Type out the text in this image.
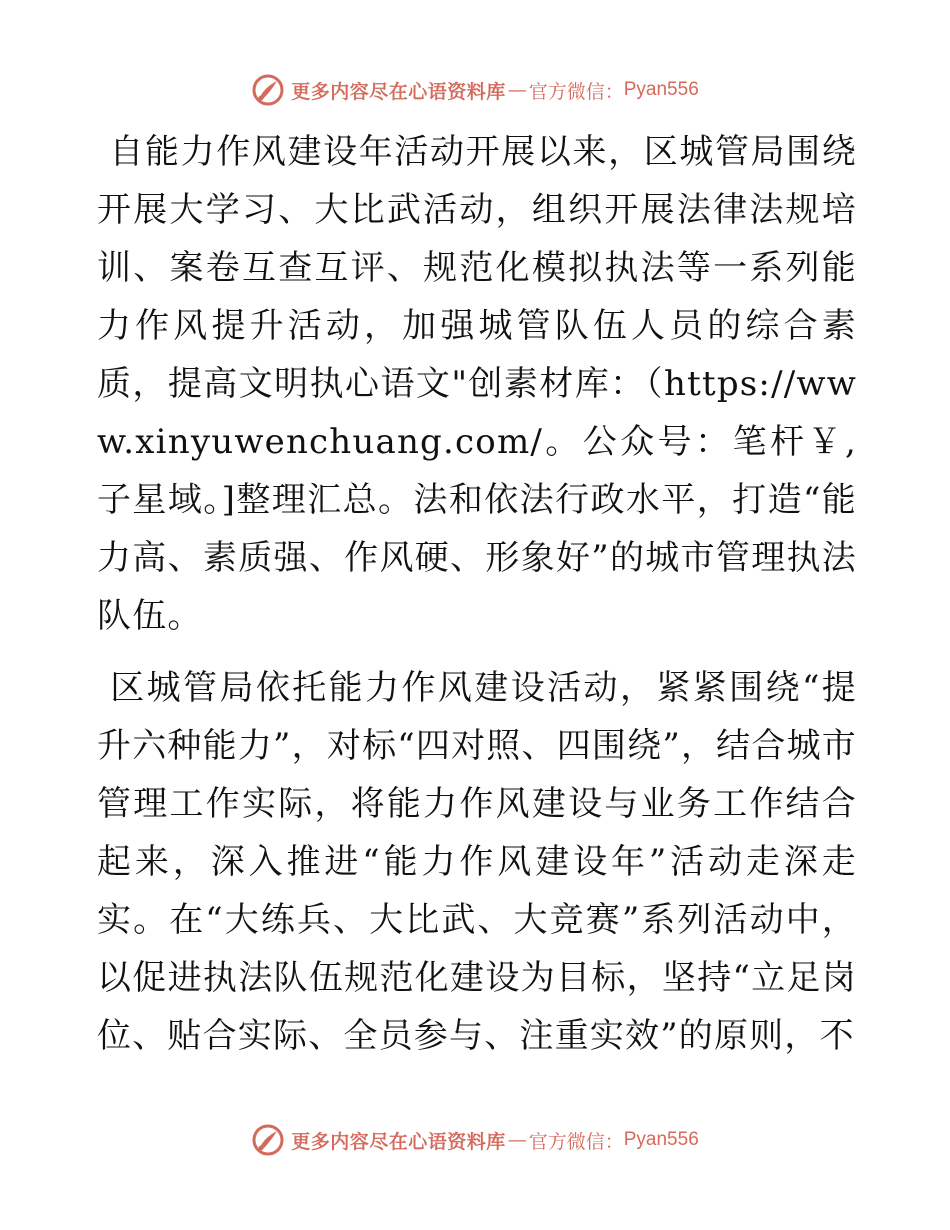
更多内容尽在心语资料库 — 官方微信： Pyan556

自能力作风建设年活动开展以来，区城管局围绕开展大学习、大比武活动，组织开展法律法规培训、案卷互查互评、规范化模拟执法等一系列能力作风提升活动，加强城管队伍人员的综合素质，提高文明执心语文"创素材库：（https://www.xinyuwenchuang.com/。公众号：笔杆￥,子星域。]整理汇总。法和依法行政水平，打造“能力高、素质强、作风硬、形象好”的城市管理执法队伍。

区城管局依托能力作风建设活动，紧紧围绕“提升六种能力”，对标“四对照、四围绕”，结合城市管理工作实际，将能力作风建设与业务工作结合起来，深入推进“能力作风建设年”活动走深走实。在“大练兵、大比武、大竞赛”系列活动中，以促进执法队伍规范化建设为目标，坚持“立足岗位、贴合实际、全员参与、注重实效”的原则，不

更多内容尽在心语资料库 — 官方微信： Pyan556
